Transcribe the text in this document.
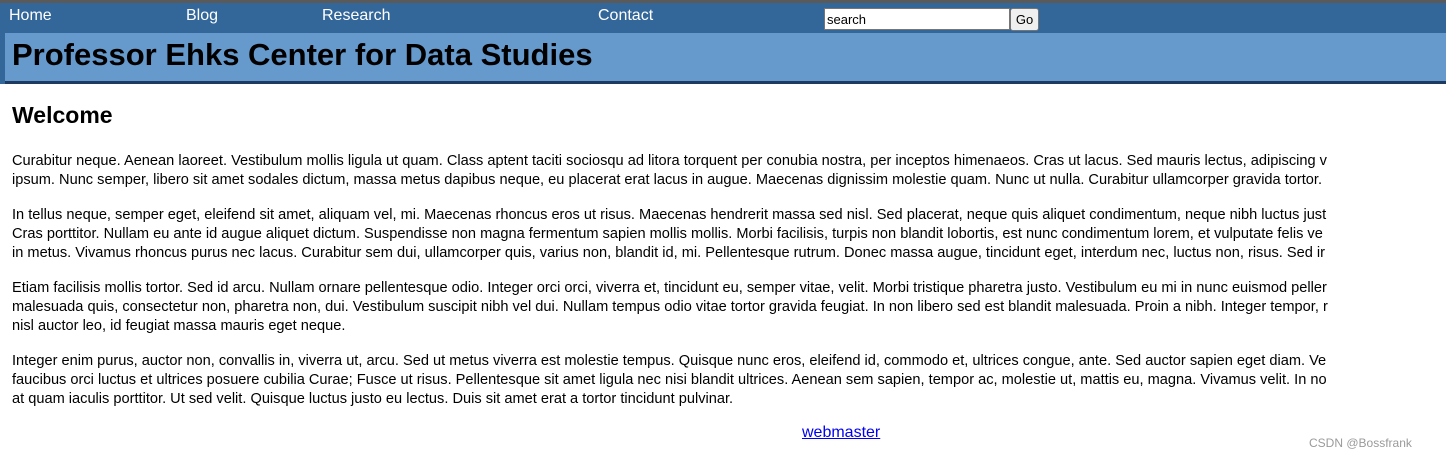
Home	Blog	Research	Contact
search	Go
Professor Ehks Center for Data Studies
Welcome

Curabitur neque. Aenean laoreet. Vestibulum mollis ligula ut quam. Class aptent taciti sociosqu ad litora torquent per conubia nostra, per inceptos himenaeos. Cras ut lacus. Sed mauris lectus, adipiscing v
ipsum. Nunc semper, libero sit amet sodales dictum, massa metus dapibus neque, eu placerat erat lacus in augue. Maecenas dignissim molestie quam. Nunc ut nulla. Curabitur ullamcorper gravida tortor.

In tellus neque, semper eget, eleifend sit amet, aliquam vel, mi. Maecenas rhoncus eros ut risus. Maecenas hendrerit massa sed nisl. Sed placerat, neque quis aliquet condimentum, neque nibh luctus just
Cras porttitor. Nullam eu ante id augue aliquet dictum. Suspendisse non magna fermentum sapien mollis mollis. Morbi facilisis, turpis non blandit lobortis, est nunc condimentum lorem, et vulputate felis ve
in metus. Vivamus rhoncus purus nec lacus. Curabitur sem dui, ullamcorper quis, varius non, blandit id, mi. Pellentesque rutrum. Donec massa augue, tincidunt eget, interdum nec, luctus non, risus. Sed ir

Etiam facilisis mollis tortor. Sed id arcu. Nullam ornare pellentesque odio. Integer orci orci, viverra et, tincidunt eu, semper vitae, velit. Morbi tristique pharetra justo. Vestibulum eu mi in nunc euismod peller
malesuada quis, consectetur non, pharetra non, dui. Vestibulum suscipit nibh vel dui. Nullam tempus odio vitae tortor gravida feugiat. In non libero sed est blandit malesuada. Proin a nibh. Integer tempor, r
nisl auctor leo, id feugiat massa mauris eget neque.

Integer enim purus, auctor non, convallis in, viverra ut, arcu. Sed ut metus viverra est molestie tempus. Quisque nunc eros, eleifend id, commodo et, ultrices congue, ante. Sed auctor sapien eget diam. Ve
faucibus orci luctus et ultrices posuere cubilia Curae; Fusce ut risus. Pellentesque sit amet ligula nec nisi blandit ultrices. Aenean sem sapien, tempor ac, molestie ut, mattis eu, magna. Vivamus velit. In no
at quam iaculis porttitor. Ut sed velit. Quisque luctus justo eu lectus. Duis sit amet erat a tortor tincidunt pulvinar.

webmaster
CSDN @Bossfrank
